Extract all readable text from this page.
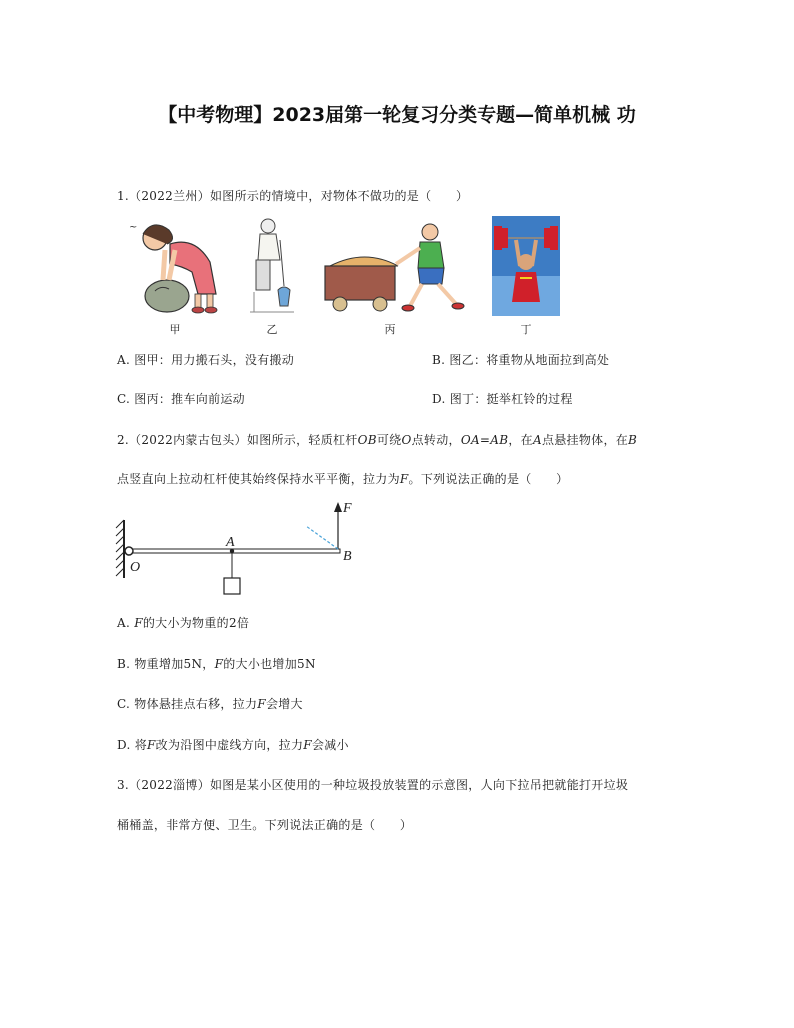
【中考物理】2023届第一轮复习分类专题—简单机械 功
1.（2022兰州）如图所示的情境中，对物体不做功的是（　　）
~
甲	乙	丙	丁
A. 图甲：用力搬石头，没有搬动	B. 图乙：将重物从地面拉到高处
C. 图丙：推车向前运动	D. 图丁：挺举杠铃的过程
2.（2022内蒙古包头）如图所示，轻质杠杆OB可绕O点转动，OA=AB，在A点悬挂物体，在B
点竖直向上拉动杠杆使其始终保持水平平衡，拉力为F。下列说法正确的是（　　）
O
A
B
F
A. F的大小为物重的2倍
B. 物重增加5N，F的大小也增加5N
C. 物体悬挂点右移，拉力F会增大
D. 将F改为沿图中虚线方向，拉力F会减小
3.（2022淄博）如图是某小区使用的一种垃圾投放装置的示意图，人向下拉吊把就能打开垃圾
桶桶盖，非常方便、卫生。下列说法正确的是（　　）
